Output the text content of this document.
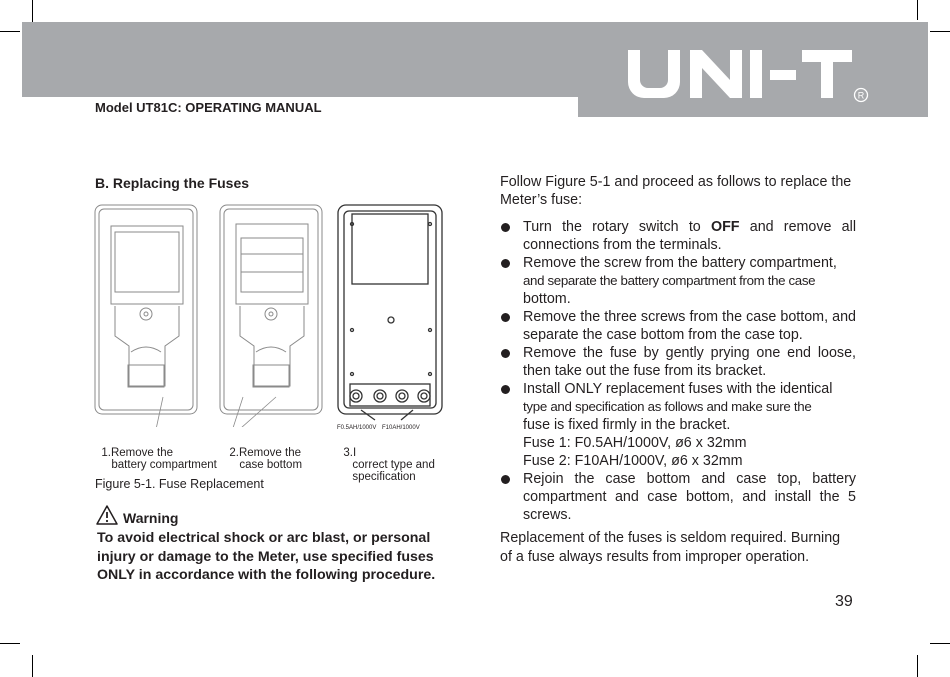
R
Model UT81C: OPERATING MANUAL
B. Replacing the Fuses

1.Remove the

battery compartment

2.Remove the

case bottom

3.I

correct type and

specification

F0.5AH/1000V F10AH/1000V
Figure 5-1. Fuse Replacement
Warning
To avoid electrical shock or arc blast, or personal injury or damage to the Meter, use specified fuses ONLY in accordance with the following procedure.
Follow Figure 5-1 and proceed as follows to replace the Meter’s fuse:
Turn the rotary switch to OFF and remove all connections from the terminals.
Remove the screw from the battery compartment,
and separate the battery compartment from the case
bottom.
Remove the three screws from the case bottom, and separate the case bottom from the case top.
Remove the fuse by gently prying one end loose, then take out the fuse from its bracket.
Install ONLY replacement fuses with the identical
type and specification as follows and make sure the
fuse is fixed firmly in the bracket.
Fuse 1: F0.5AH/1000V, ø6 x 32mm
Fuse 2: F10AH/1000V, ø6 x 32mm
Rejoin the case bottom and case top, battery compartment and case bottom, and install the 5 screws.
Replacement of the fuses is seldom required. Burning of a fuse always results from improper operation.
39
